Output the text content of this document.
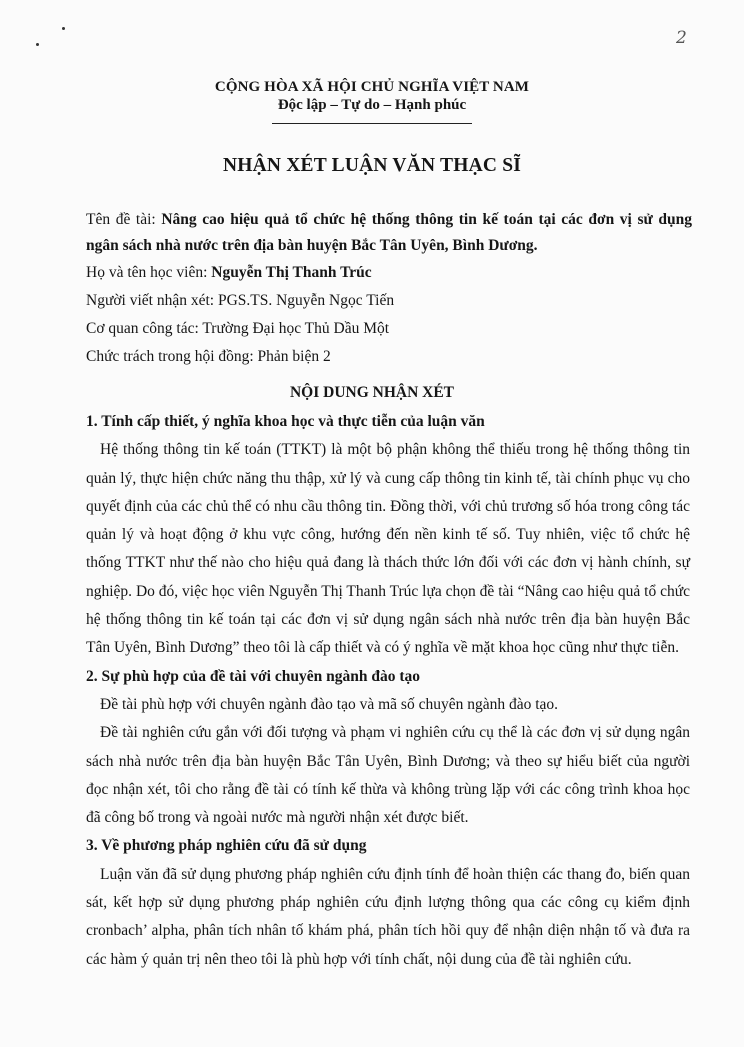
2
CỘNG HÒA XÃ HỘI CHỦ NGHĨA VIỆT NAM
Độc lập – Tự do – Hạnh phúc
NHẬN XÉT LUẬN VĂN THẠC SĨ
Tên đề tài: Nâng cao hiệu quả tổ chức hệ thống thông tin kế toán tại các đơn vị sử dụng ngân sách nhà nước trên địa bàn huyện Bắc Tân Uyên, Bình Dương.
Họ và tên học viên: Nguyễn Thị Thanh Trúc
Người viết nhận xét: PGS.TS. Nguyễn Ngọc Tiến
Cơ quan công tác: Trường Đại học Thủ Dầu Một
Chức trách trong hội đồng: Phản biện 2
NỘI DUNG NHẬN XÉT
1. Tính cấp thiết, ý nghĩa khoa học và thực tiễn của luận văn

Hệ thống thông tin kế toán (TTKT) là một bộ phận không thể thiếu trong hệ thống thông tin quản lý, thực hiện chức năng thu thập, xử lý và cung cấp thông tin kinh tế, tài chính phục vụ cho quyết định của các chủ thể có nhu cầu thông tin. Đồng thời, với chủ trương số hóa trong công tác quản lý và hoạt động ở khu vực công, hướng đến nền kinh tế số. Tuy nhiên, việc tổ chức hệ thống TTKT như thế nào cho hiệu quả đang là thách thức lớn đối với các đơn vị hành chính, sự nghiệp. Do đó, việc học viên Nguyễn Thị Thanh Trúc lựa chọn đề tài “Nâng cao hiệu quả tổ chức hệ thống thông tin kế toán tại các đơn vị sử dụng ngân sách nhà nước trên địa bàn huyện Bắc Tân Uyên, Bình Dương” theo tôi là cấp thiết và có ý nghĩa về mặt khoa học cũng như thực tiễn.

2. Sự phù hợp của đề tài với chuyên ngành đào tạo

Đề tài phù hợp với chuyên ngành đào tạo và mã số chuyên ngành đào tạo.

Đề tài nghiên cứu gắn với đối tượng và phạm vi nghiên cứu cụ thể là các đơn vị sử dụng ngân sách nhà nước trên địa bàn huyện Bắc Tân Uyên, Bình Dương; và theo sự hiểu biết của người đọc nhận xét, tôi cho rằng đề tài có tính kế thừa và không trùng lặp với các công trình khoa học đã công bố trong và ngoài nước mà người nhận xét được biết.

3. Về phương pháp nghiên cứu đã sử dụng

Luận văn đã sử dụng phương pháp nghiên cứu định tính để hoàn thiện các thang đo, biến quan sát, kết hợp sử dụng phương pháp nghiên cứu định lượng thông qua các công cụ kiểm định cronbach’ alpha, phân tích nhân tố khám phá, phân tích hồi quy để nhận diện nhận tố và đưa ra các hàm ý quản trị nên theo tôi là phù hợp với tính chất, nội dung của đề tài nghiên cứu.
